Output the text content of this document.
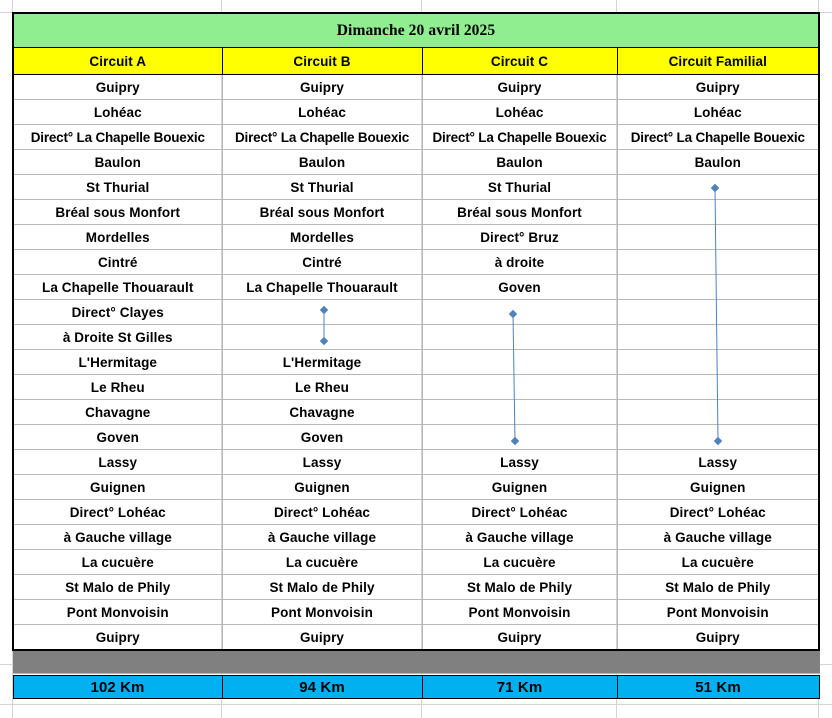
Dimanche 20 avril 2025			
Circuit A	Circuit B	Circuit C	Circuit Familial
Guipry	Guipry	Guipry	Guipry
Lohéac	Lohéac	Lohéac	Lohéac
Direct° La Chapelle Bouexic	Direct° La Chapelle Bouexic	Direct° La Chapelle Bouexic	Direct° La Chapelle Bouexic
Baulon	Baulon	Baulon	Baulon
St Thurial	St Thurial	St Thurial	
Bréal sous Monfort	Bréal sous Monfort	Bréal sous Monfort	
Mordelles	Mordelles	Direct° Bruz	
Cintré	Cintré	à droite	
La Chapelle Thouarault	La Chapelle Thouarault	Goven	
Direct° Clayes			
à Droite St Gilles			
L'Hermitage	L'Hermitage		
Le Rheu	Le Rheu		
Chavagne	Chavagne		
Goven	Goven		
Lassy	Lassy	Lassy	Lassy
Guignen	Guignen	Guignen	Guignen
Direct° Lohéac	Direct° Lohéac	Direct° Lohéac	Direct° Lohéac
à Gauche village	à Gauche village	à Gauche village	à Gauche village
La cucuère	La cucuère	La cucuère	La cucuère
St Malo de Phily	St Malo de Phily	St Malo de Phily	St Malo de Phily
Pont Monvoisin	Pont Monvoisin	Pont Monvoisin	Pont Monvoisin
Guipry	Guipry	Guipry	Guipry

102 Km	94 Km	71 Km	51 Km
